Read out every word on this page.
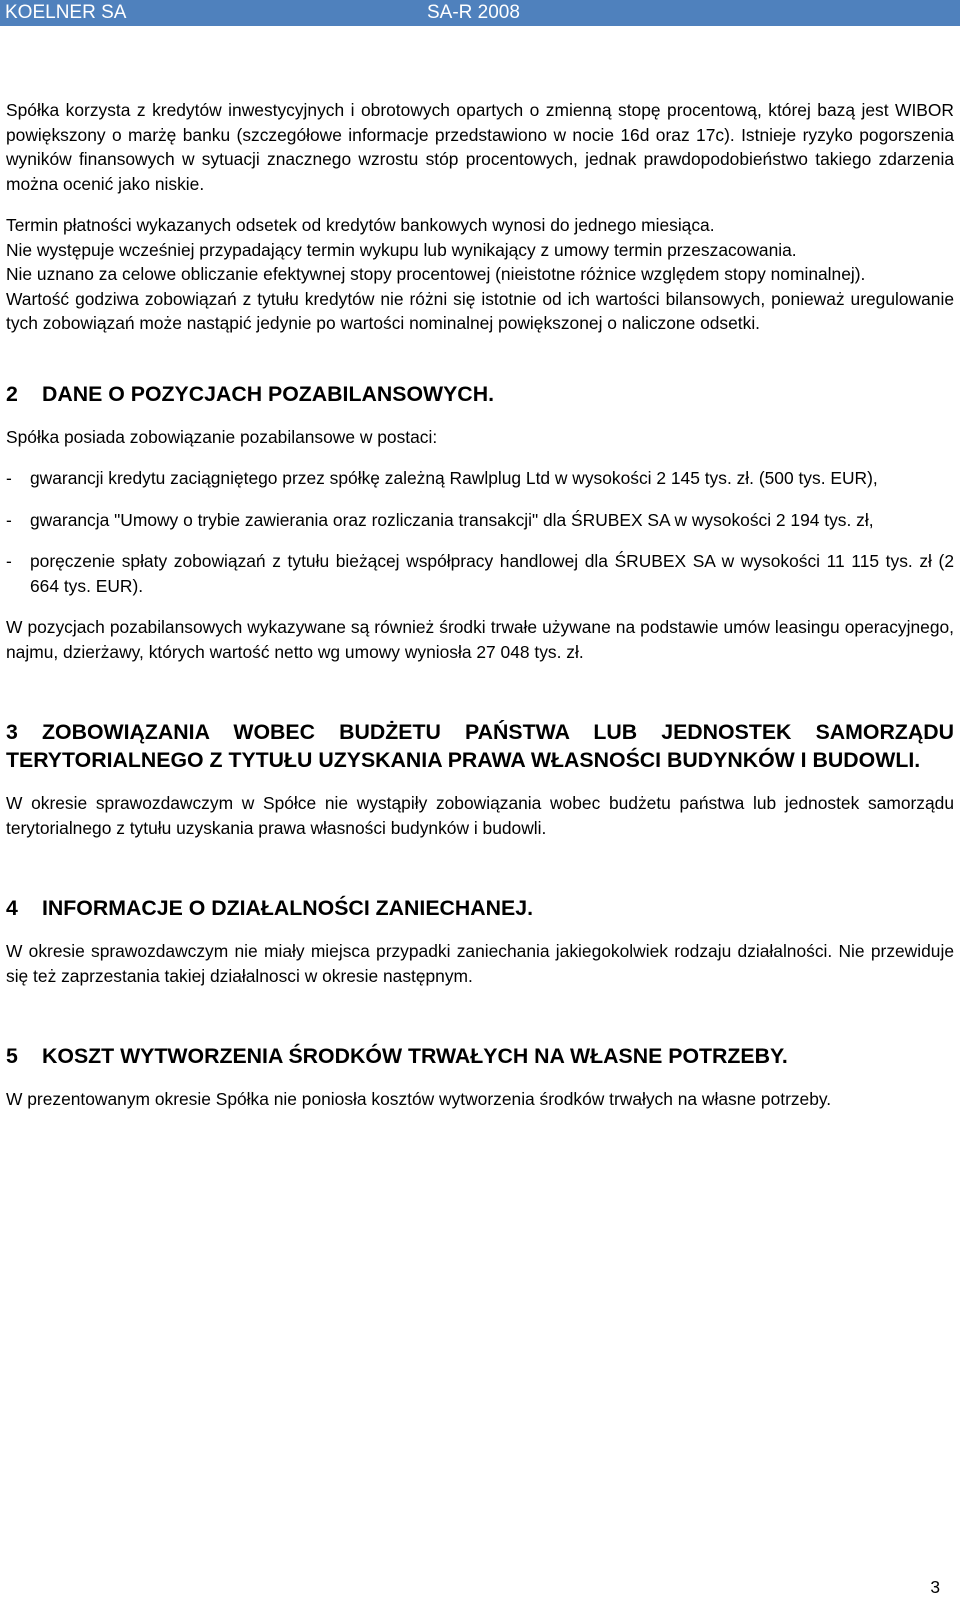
KOELNER SA	SA-R 2008

Spółka korzysta z kredytów inwestycyjnych i obrotowych opartych o zmienną stopę procentową, której bazą jest WIBOR powiększony o marżę banku (szczegółowe informacje przedstawiono w nocie 16d oraz 17c). Istnieje ryzyko pogorszenia wyników finansowych w sytuacji znacznego wzrostu stóp procentowych, jednak prawdopodobieństwo takiego zdarzenia można ocenić jako niskie.

Termin płatności wykazanych odsetek od kredytów bankowych wynosi do jednego miesiąca.

Nie występuje wcześniej przypadający termin wykupu lub wynikający z umowy termin przeszacowania.

Nie uznano za celowe obliczanie efektywnej stopy procentowej (nieistotne różnice względem stopy nominalnej).

Wartość godziwa zobowiązań z tytułu kredytów nie różni się istotnie od ich wartości bilansowych, ponieważ uregulowanie tych zobowiązań może nastąpić jedynie po wartości nominalnej powiększonej o naliczone odsetki.

2 DANE O POZYCJACH POZABILANSOWYCH.

Spółka posiada zobowiązanie pozabilansowe w postaci:

- gwarancji kredytu zaciągniętego przez spółkę zależną Rawlplug Ltd w wysokości 2 145 tys. zł. (500 tys. EUR),
- gwarancja "Umowy o trybie zawierania oraz rozliczania transakcji" dla ŚRUBEX SA w wysokości 2 194 tys. zł,
- poręczenie spłaty zobowiązań z tytułu bieżącej współpracy handlowej dla ŚRUBEX SA w wysokości 11 115 tys. zł (2 664 tys. EUR).

W pozycjach pozabilansowych wykazywane są również środki trwałe używane na podstawie umów leasingu operacyjnego, najmu, dzierżawy, których wartość netto wg umowy wyniosła 27 048 tys. zł.

3 ZOBOWIĄZANIA WOBEC BUDŻETU PAŃSTWA LUB JEDNOSTEK SAMORZĄDU TERYTORIALNEGO Z TYTUŁU UZYSKANIA PRAWA WŁASNOŚCI BUDYNKÓW I BUDOWLI.

W okresie sprawozdawczym w Spółce nie wystąpiły zobowiązania wobec budżetu państwa lub jednostek samorządu terytorialnego z tytułu uzyskania prawa własności budynków i budowli.

4 INFORMACJE O DZIAŁALNOŚCI ZANIECHANEJ.

W okresie sprawozdawczym nie miały miejsca przypadki zaniechania jakiegokolwiek rodzaju działalności. Nie przewiduje się też zaprzestania takiej działalnosci w okresie następnym.

5 KOSZT WYTWORZENIA ŚRODKÓW TRWAŁYCH NA WŁASNE POTRZEBY.

W prezentowanym okresie Spółka nie poniosła kosztów wytworzenia środków trwałych na własne potrzeby.

3
